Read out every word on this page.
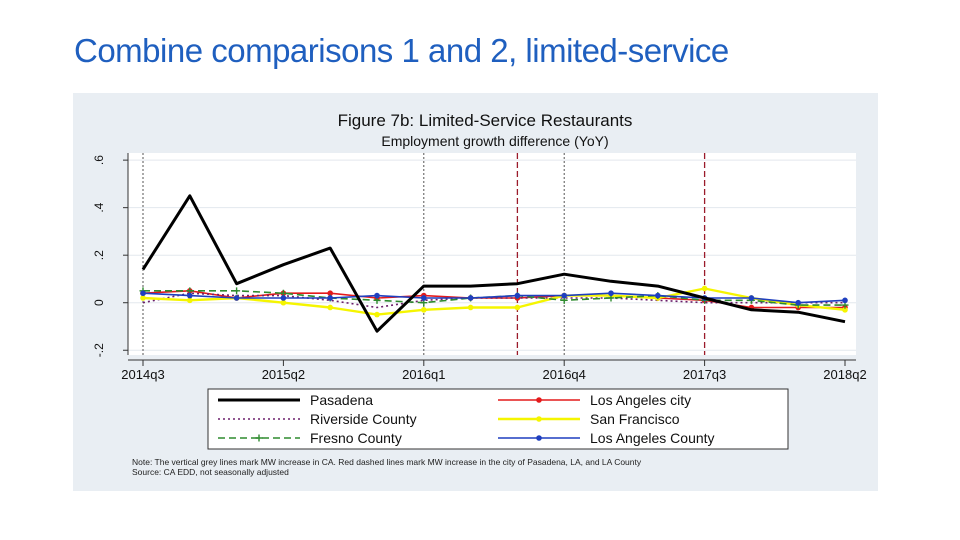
Combine comparisons 1 and 2, limited-service
Figure 7b: Limited-Service Restaurants
Employment growth difference (YoY)
-.2
0
.2
.4
.6
2014q3	2015q2	2016q1	2016q4	2017q3	2018q2
Pasadena	Los Angeles city
Riverside County	San Francisco
Fresno County	Los Angeles County
Note: The vertical grey lines mark MW increase in CA. Red dashed lines mark MW increase in the city of Pasadena, LA, and LA County
Source: CA EDD, not seasonally adjusted
